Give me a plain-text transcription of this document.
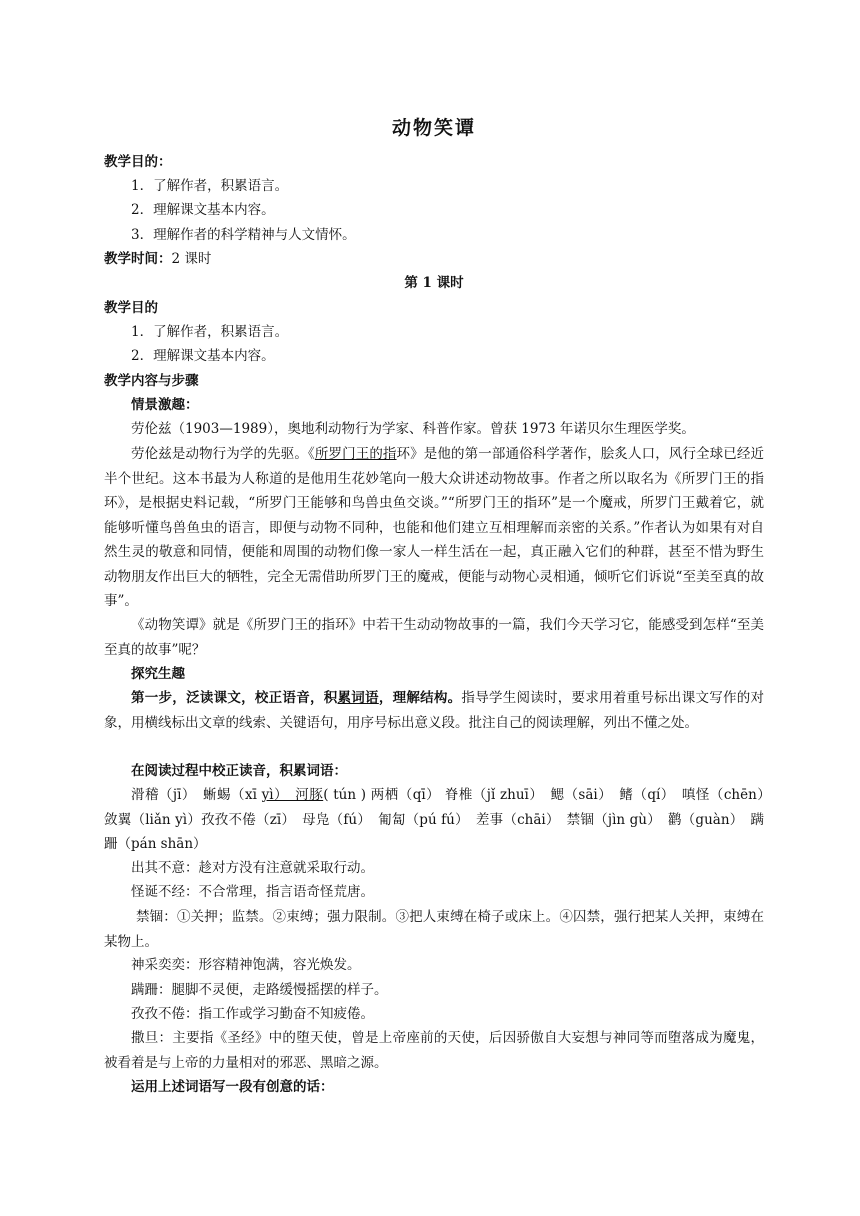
动物笑谭
教学目的：
1．了解作者，积累语言。
2．理解课文基本内容。
3．理解作者的科学精神与人文情怀。
教学时间：2 课时
第 1 课时
教学目的
1．了解作者，积累语言。
2．理解课文基本内容。
教学内容与步骤
情景激趣：
劳伦兹（1903—1989），奥地利动物行为学家、科普作家。曾获 1973 年诺贝尔生理医学奖。
劳伦兹是动物行为学的先驱。《所罗门王的指环》是他的第一部通俗科学著作，脍炙人口，风行全球已经近半个世纪。这本书最为人称道的是他用生花妙笔向一般大众讲述动物故事。作者之所以取名为《所罗门王的指环》，是根据史料记载，“所罗门王能够和鸟兽虫鱼交谈。”“所罗门王的指环”是一个魔戒，所罗门王戴着它，就能够听懂鸟兽鱼虫的语言，即便与动物不同种，也能和他们建立互相理解而亲密的关系。”作者认为如果有对自然生灵的敬意和同情，便能和周围的动物们像一家人一样生活在一起，真正融入它们的种群，甚至不惜为野生动物朋友作出巨大的牺牲，完全无需借助所罗门王的魔戒，便能与动物心灵相通，倾听它们诉说“至美至真的故事”。
《动物笑谭》就是《所罗门王的指环》中若干生动动物故事的一篇，我们今天学习它，能感受到怎样“至美至真的故事”呢？
探究生趣
第一步，泛读课文，校正语音，积累词语，理解结构。指导学生阅读时，要求用着重号标出课文写作的对象，用横线标出文章的线索、关键语句，用序号标出意义段。批注自己的阅读理解，列出不懂之处。
在阅读过程中校正读音，积累词语：
滑稽（jī）　蜥蜴（xī yì）　河豚( tún ) 两栖（qī） 脊椎（jǐ zhuī）　鳃（sāi）　鳍（qí）　嗔怪（chēn）　敛翼（liǎn yì）孜孜不倦（zī）　母凫（fú）　匍匐（pú fú）　差事（chāi）　禁锢（jìn gù）　鹳（guàn）　蹒跚（pán shān）
出其不意：趁对方没有注意就采取行动。
怪诞不经：不合常理，指言语奇怪荒唐。
禁锢：①关押；监禁。②束缚；强力限制。③把人束缚在椅子或床上。④囚禁，强行把某人关押，束缚在某物上。
神采奕奕：形容精神饱满，容光焕发。
蹒跚：腿脚不灵便，走路缓慢摇摆的样子。
孜孜不倦：指工作或学习勤奋不知疲倦。
撒旦：主要指《圣经》中的堕天使，曾是上帝座前的天使，后因骄傲自大妄想与神同等而堕落成为魔鬼，被看着是与上帝的力量相对的邪恶、黑暗之源。
运用上述词语写一段有创意的话：
